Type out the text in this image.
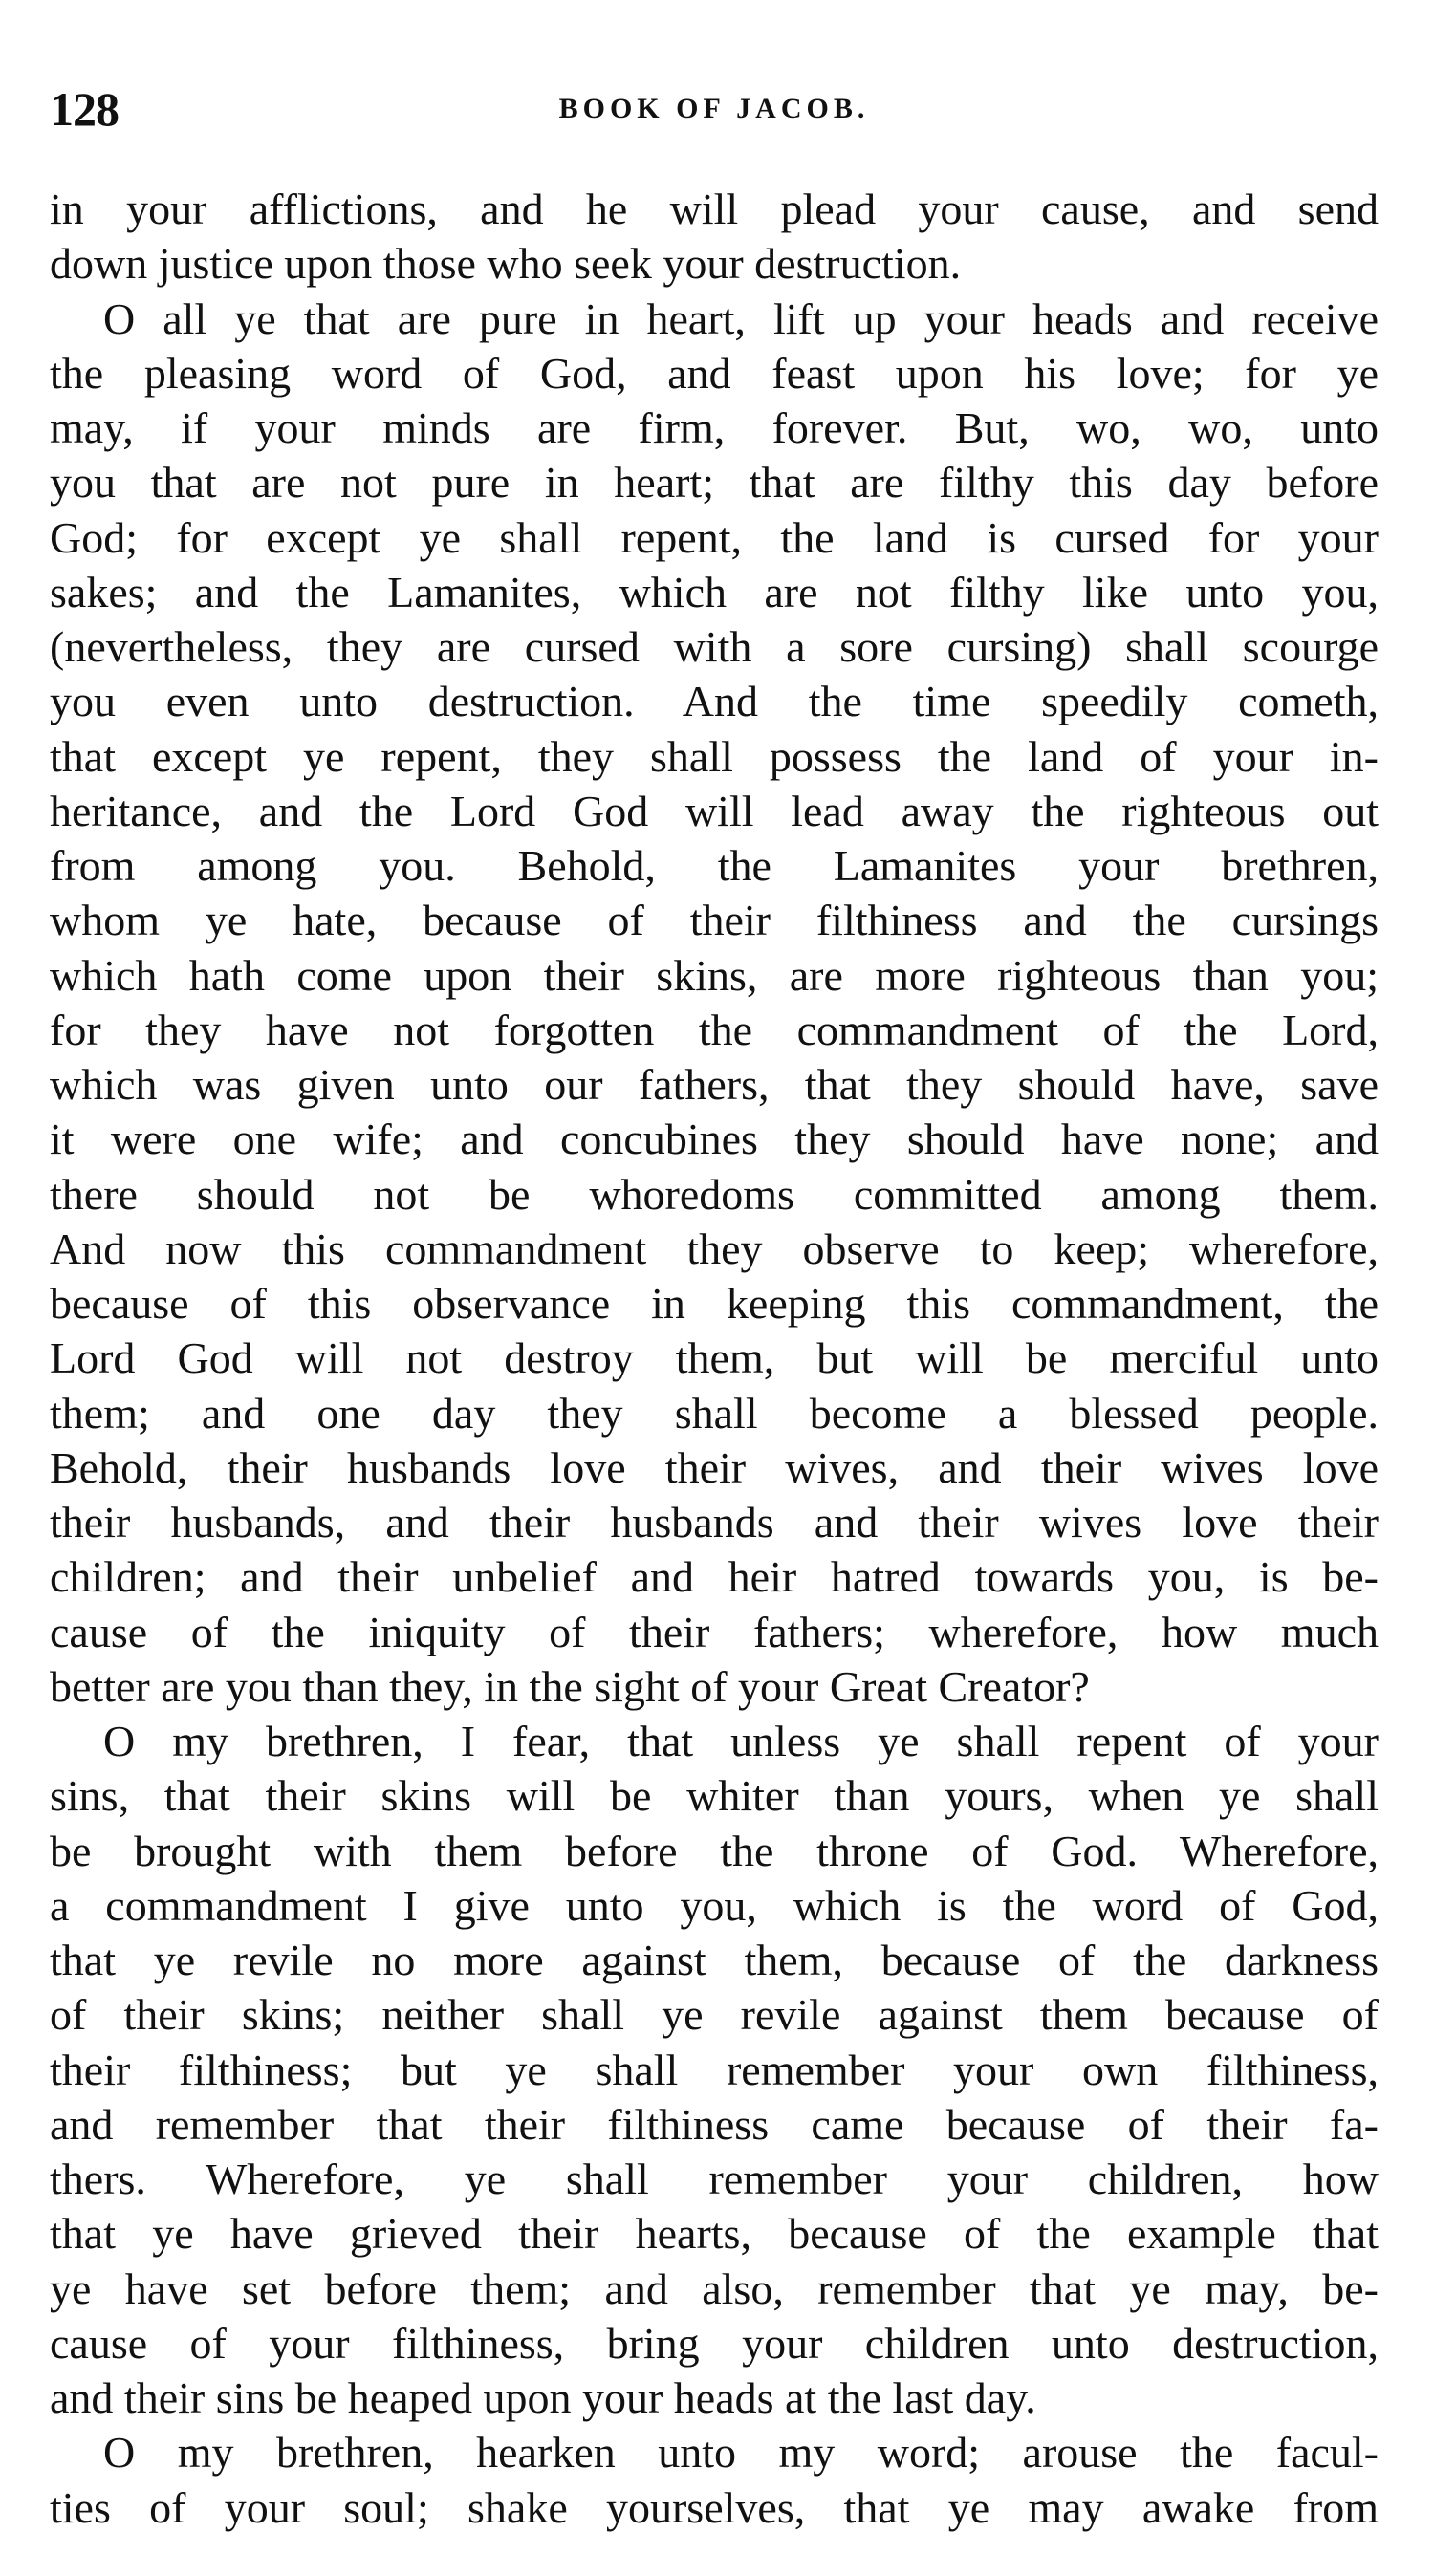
128	BOOK OF JACOB.
in your afflictions, and he will plead your cause, and send
down justice upon those who seek your destruction.
O all ye that are pure in heart, lift up your heads and receive
the pleasing word of God, and feast upon his love; for ye
may, if your minds are firm, forever. But, wo, wo, unto
you that are not pure in heart; that are filthy this day before
God; for except ye shall repent, the land is cursed for your
sakes; and the Lamanites, which are not filthy like unto you,
(nevertheless, they are cursed with a sore cursing) shall scourge
you even unto destruction. And the time speedily cometh,
that except ye repent, they shall possess the land of your in-
heritance, and the Lord God will lead away the righteous out
from among you. Behold, the Lamanites your brethren,
whom ye hate, because of their filthiness and the cursings
which hath come upon their skins, are more righteous than you;
for they have not forgotten the commandment of the Lord,
which was given unto our fathers, that they should have, save
it were one wife; and concubines they should have none; and
there should not be whoredoms committed among them.
And now this commandment they observe to keep; wherefore,
because of this observance in keeping this commandment, the
Lord God will not destroy them, but will be merciful unto
them; and one day they shall become a blessed people.
Behold, their husbands love their wives, and their wives love
their husbands, and their husbands and their wives love their
children; and their unbelief and heir hatred towards you, is be-
cause of the iniquity of their fathers; wherefore, how much
better are you than they, in the sight of your Great Creator?
O my brethren, I fear, that unless ye shall repent of your
sins, that their skins will be whiter than yours, when ye shall
be brought with them before the throne of God. Wherefore,
a commandment I give unto you, which is the word of God,
that ye revile no more against them, because of the darkness
of their skins; neither shall ye revile against them because of
their filthiness; but ye shall remember your own filthiness,
and remember that their filthiness came because of their fa-
thers. Wherefore, ye shall remember your children, how
that ye have grieved their hearts, because of the example that
ye have set before them; and also, remember that ye may, be-
cause of your filthiness, bring your children unto destruction,
and their sins be heaped upon your heads at the last day.
O my brethren, hearken unto my word; arouse the facul-
ties of your soul; shake yourselves, that ye may awake from
